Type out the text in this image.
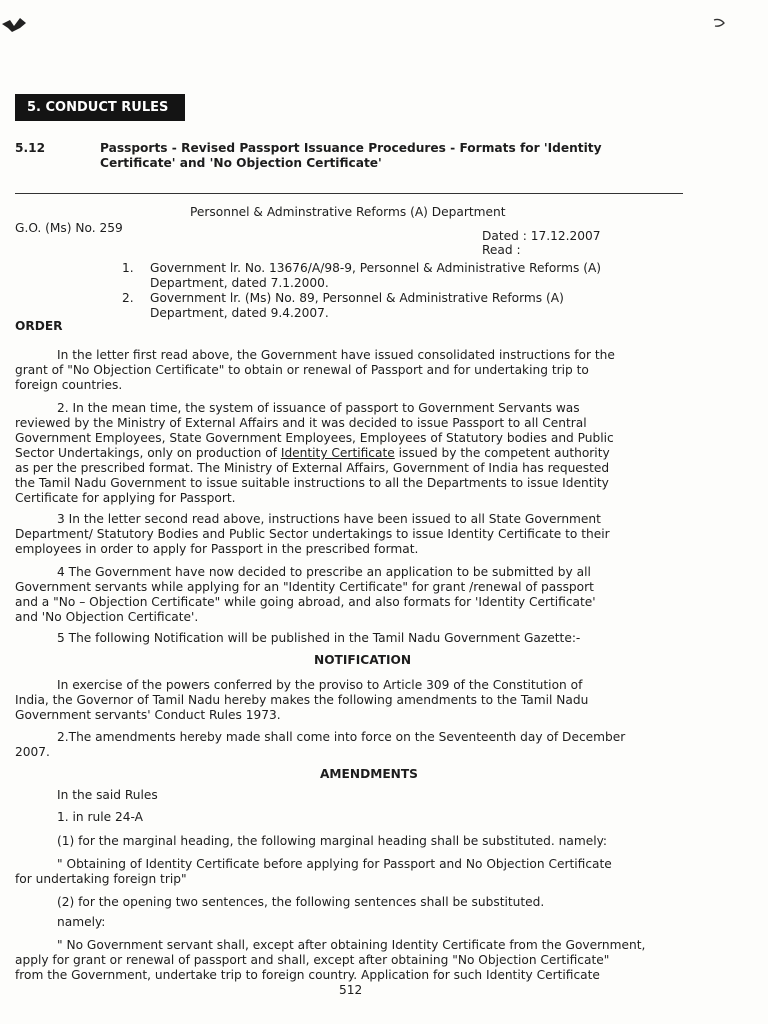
5. CONDUCT RULES
5.12	Passports - Revised Passport Issuance Procedures - Formats for 'Identity
Certificate' and 'No Objection Certificate'
Personnel & Adminstrative Reforms (A) Department
G.O. (Ms) No. 259
Dated : 17.12.2007
Read :
1. Government lr. No. 13676/A/98-9, Personnel & Administrative Reforms (A)
Department, dated 7.1.2000.
2. Government lr. (Ms) No. 89, Personnel & Administrative Reforms (A)
Department, dated 9.4.2007.
ORDER
In the letter first read above, the Government have issued consolidated instructions for the
grant of "No Objection Certificate" to obtain or renewal of Passport and for undertaking trip to
foreign countries.
2. In the mean time, the system of issuance of passport to Government Servants was
reviewed by the Ministry of External Affairs and it was decided to issue Passport to all Central
Government Employees, State Government Employees, Employees of Statutory bodies and Public
Sector Undertakings, only on production of Identity Certificate issued by the competent authority
as per the prescribed format. The Ministry of External Affairs, Government of India has requested
the Tamil Nadu Government to issue suitable instructions to all the Departments to issue Identity
Certificate for applying for Passport.
3 In the letter second read above, instructions have been issued to all State Government
Department/ Statutory Bodies and Public Sector undertakings to issue Identity Certificate to their
employees in order to apply for Passport in the prescribed format.
4 The Government have now decided to prescribe an application to be submitted by all
Government servants while applying for an "Identity Certificate" for grant /renewal of passport
and a "No – Objection Certificate" while going abroad, and also formats for 'Identity Certificate'
and 'No Objection Certificate'.
5 The following Notification will be published in the Tamil Nadu Government Gazette:-
NOTIFICATION
In exercise of the powers conferred by the proviso to Article 309 of the Constitution of
India, the Governor of Tamil Nadu hereby makes the following amendments to the Tamil Nadu
Government servants' Conduct Rules 1973.
2.The amendments hereby made shall come into force on the Seventeenth day of December
2007.
AMENDMENTS
In the said Rules
1. in rule 24-A
(1) for the marginal heading, the following marginal heading shall be substituted. namely:
" Obtaining of Identity Certificate before applying for Passport and No Objection Certificate
for undertaking foreign trip"
(2) for the opening two sentences, the following sentences shall be substituted.
namely:
" No Government servant shall, except after obtaining Identity Certificate from the Government,
apply for grant or renewal of passport and shall, except after obtaining "No Objection Certificate"
from the Government, undertake trip to foreign country. Application for such Identity Certificate
512
